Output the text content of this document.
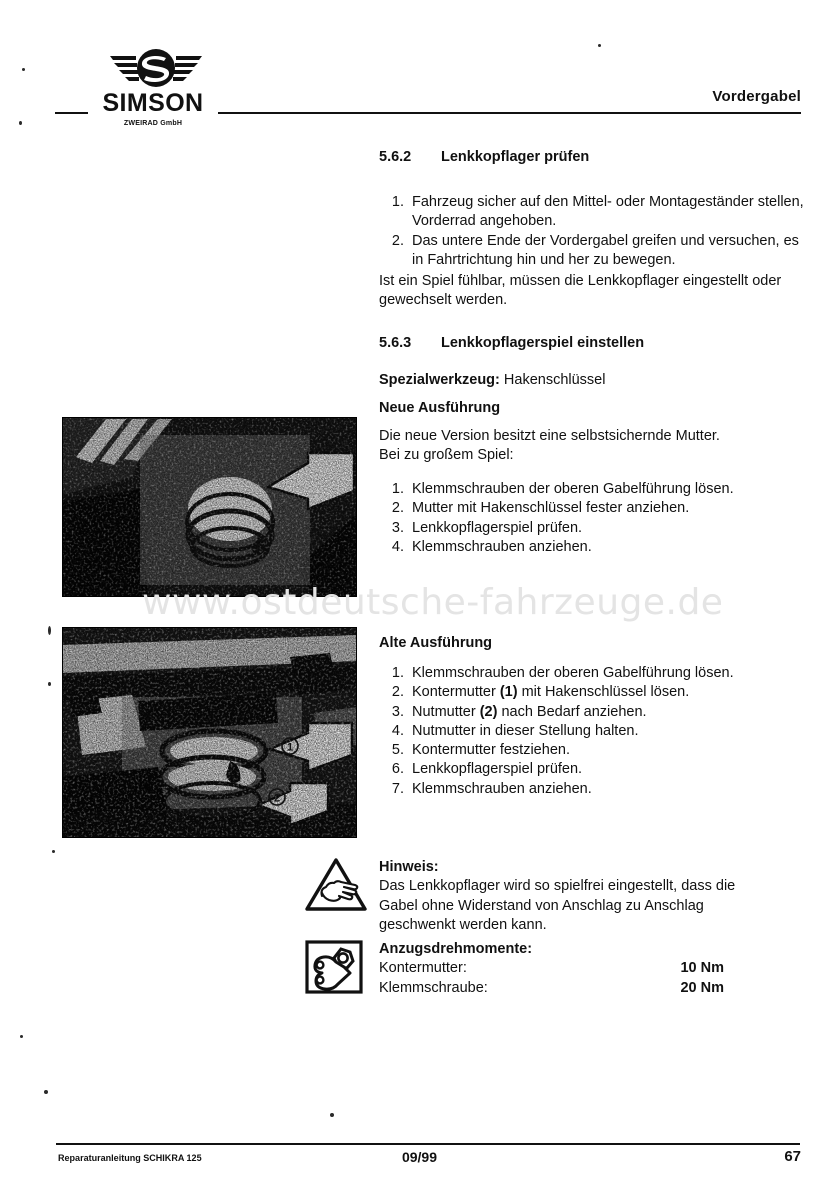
SIMSON
ZWEIRAD GmbH
Vordergabel
www.ostdeutsche-fahrzeuge.de
1
2
5.6.2	Lenkkopflager prüfen
1. Fahrzeug sicher auf den Mittel- oder Montageständer stellen, Vorderrad angehoben.
2. Das untere Ende der Vordergabel greifen und versuchen, es in Fahrtrichtung hin und her zu bewegen.
Ist ein Spiel fühlbar, müssen die Lenkkopflager eingestellt oder gewechselt werden.
5.6.3	Lenkkopflagerspiel einstellen
Spezialwerkzeug: Hakenschlüssel
Neue Ausführung
Die neue Version besitzt eine selbstsichernde Mutter.
Bei zu großem Spiel:
1. Klemmschrauben der oberen Gabelführung lösen.
2. Mutter mit Hakenschlüssel fester anziehen.
3. Lenkkopflagerspiel prüfen.
4. Klemmschrauben anziehen.
Alte Ausführung
1. Klemmschrauben der oberen Gabelführung lösen.
2. Kontermutter (1) mit Hakenschlüssel lösen.
3. Nutmutter (2) nach Bedarf anziehen.
4. Nutmutter in dieser Stellung halten.
5. Kontermutter festziehen.
6. Lenkkopflagerspiel prüfen.
7. Klemmschrauben anziehen.
Hinweis:
Das Lenkkopflager wird so spielfrei eingestellt, dass die
Gabel ohne Widerstand von Anschlag zu Anschlag
geschwenkt werden kann.
Anzugsdrehmomente:
Kontermutter:	10 Nm
Klemmschraube:	20 Nm
Reparaturanleitung SCHIKRA 125	09/99	67
